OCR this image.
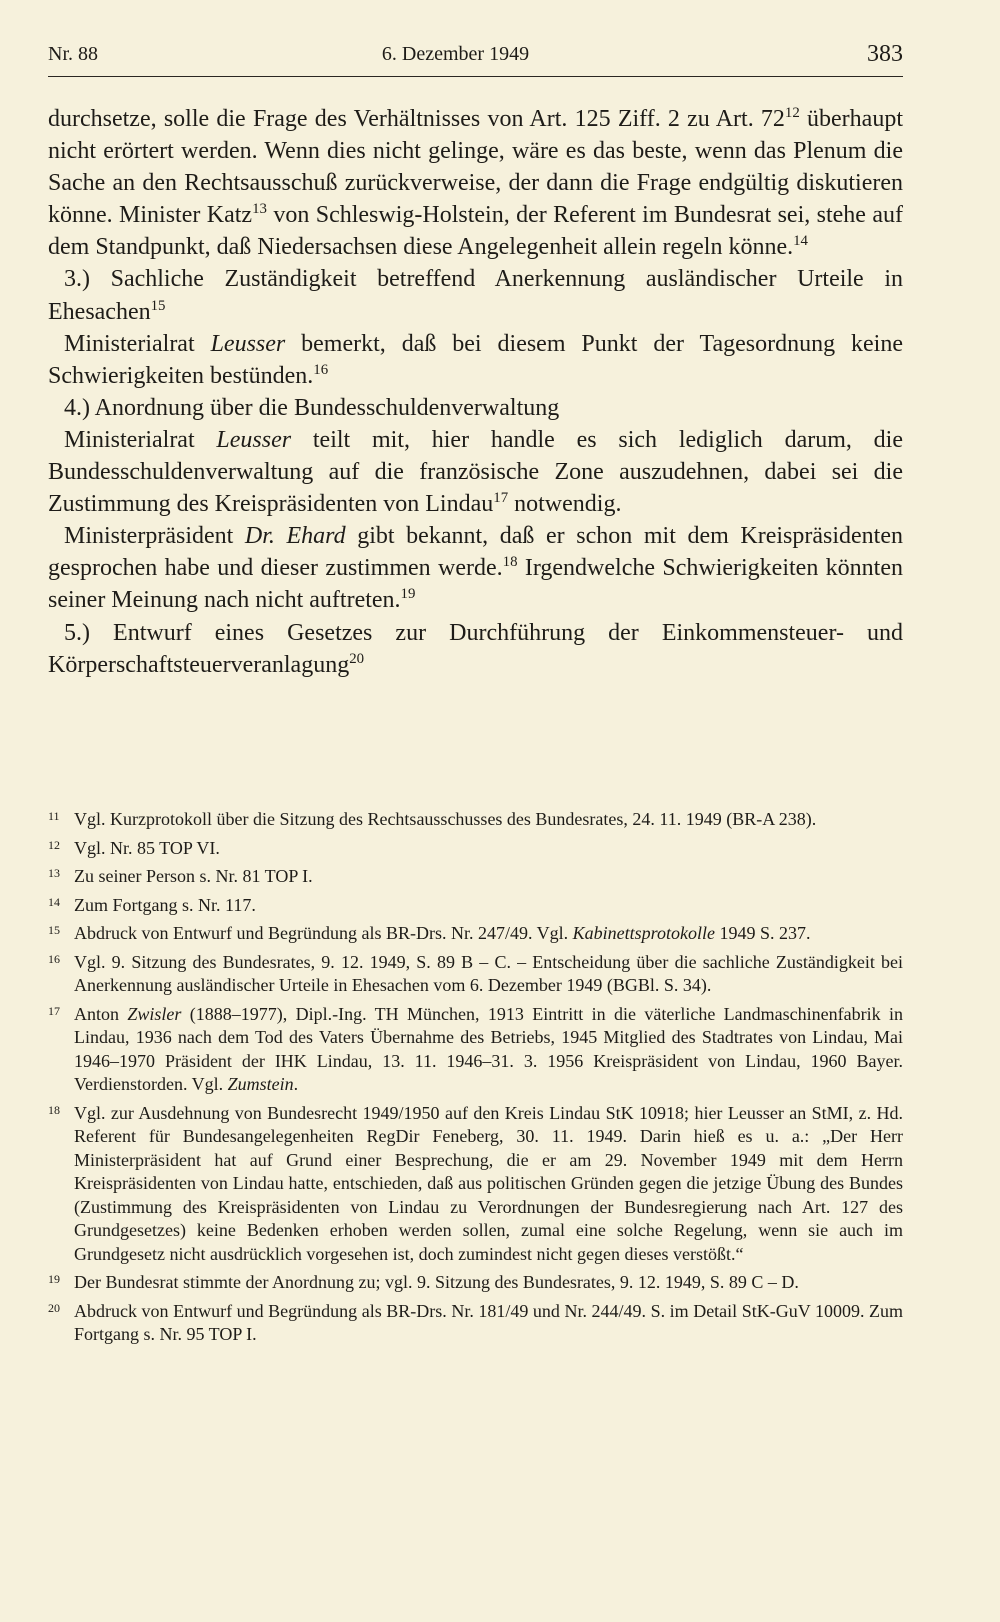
Nr. 88	6. Dezember 1949	383

durchsetze, solle die Frage des Verhältnisses von Art. 125 Ziff. 2 zu Art. $72^{12}$ überhaupt nicht erörtert werden. Wenn dies nicht gelinge, wäre es das beste, wenn das Plenum die Sache an den Rechtsausschuß zurückverweise, der dann die Frage endgültig diskutieren könne. Minister Katz$^{13}$ von Schleswig-Holstein, der Referent im Bundesrat sei, stehe auf dem Standpunkt, daß Niedersachsen diese Angelegenheit allein regeln könne.$^{14}$

3.) Sachliche Zuständigkeit betreffend Anerkennung ausländischer Urteile in Ehesachen$^{15}$

Ministerialrat Leusser bemerkt, daß bei diesem Punkt der Tagesordnung keine Schwierigkeiten bestünden.$^{16}$

4.) Anordnung über die Bundesschuldenverwaltung

Ministerialrat Leusser teilt mit, hier handle es sich lediglich darum, die Bundesschuldenverwaltung auf die französische Zone auszudehnen, dabei sei die Zustimmung des Kreispräsidenten von Lindau$^{17}$ notwendig.

Ministerpräsident Dr. Ehard gibt bekannt, daß er schon mit dem Kreispräsidenten gesprochen habe und dieser zustimmen werde.$^{18}$ Irgendwelche Schwierigkeiten könnten seiner Meinung nach nicht auftreten.$^{19}$

5.) Entwurf eines Gesetzes zur Durchführung der Einkommensteuer- und Körperschaftsteuerveranlagung$^{20}$

11 Vgl. Kurzprotokoll über die Sitzung des Rechtsausschusses des Bundesrates, 24. 11. 1949 (BR-A 238).
12 Vgl. Nr. 85 TOP VI.
13 Zu seiner Person s. Nr. 81 TOP I.
14 Zum Fortgang s. Nr. 117.
15 Abdruck von Entwurf und Begründung als BR-Drs. Nr. 247/49. Vgl. Kabinettsprotokolle 1949 S. 237.
16 Vgl. 9. Sitzung des Bundesrates, 9. 12. 1949, S. 89 B – C. – Entscheidung über die sachliche Zuständigkeit bei Anerkennung ausländischer Urteile in Ehesachen vom 6. Dezember 1949 (BGBl. S. 34).
17 Anton Zwisler (1888–1977), Dipl.-Ing. TH München, 1913 Eintritt in die väterliche Landmaschinenfabrik in Lindau, 1936 nach dem Tod des Vaters Übernahme des Betriebs, 1945 Mitglied des Stadtrates von Lindau, Mai 1946–1970 Präsident der IHK Lindau, 13. 11. 1946–31. 3. 1956 Kreispräsident von Lindau, 1960 Bayer. Verdienstorden. Vgl. Zumstein.
18 Vgl. zur Ausdehnung von Bundesrecht 1949/1950 auf den Kreis Lindau StK 10918; hier Leusser an StMI, z. Hd. Referent für Bundesangelegenheiten RegDir Feneberg, 30. 11. 1949. Darin hieß es u. a.: „Der Herr Ministerpräsident hat auf Grund einer Besprechung, die er am 29. November 1949 mit dem Herrn Kreispräsidenten von Lindau hatte, entschieden, daß aus politischen Gründen gegen die jetzige Übung des Bundes (Zustimmung des Kreispräsidenten von Lindau zu Verordnungen der Bundesregierung nach Art. 127 des Grundgesetzes) keine Bedenken erhoben werden sollen, zumal eine solche Regelung, wenn sie auch im Grundgesetz nicht ausdrücklich vorgesehen ist, doch zumindest nicht gegen dieses verstößt.“
19 Der Bundesrat stimmte der Anordnung zu; vgl. 9. Sitzung des Bundesrates, 9. 12. 1949, S. 89 C – D.
20 Abdruck von Entwurf und Begründung als BR-Drs. Nr. 181/49 und Nr. 244/49. S. im Detail StK-GuV 10009. Zum Fortgang s. Nr. 95 TOP I.
